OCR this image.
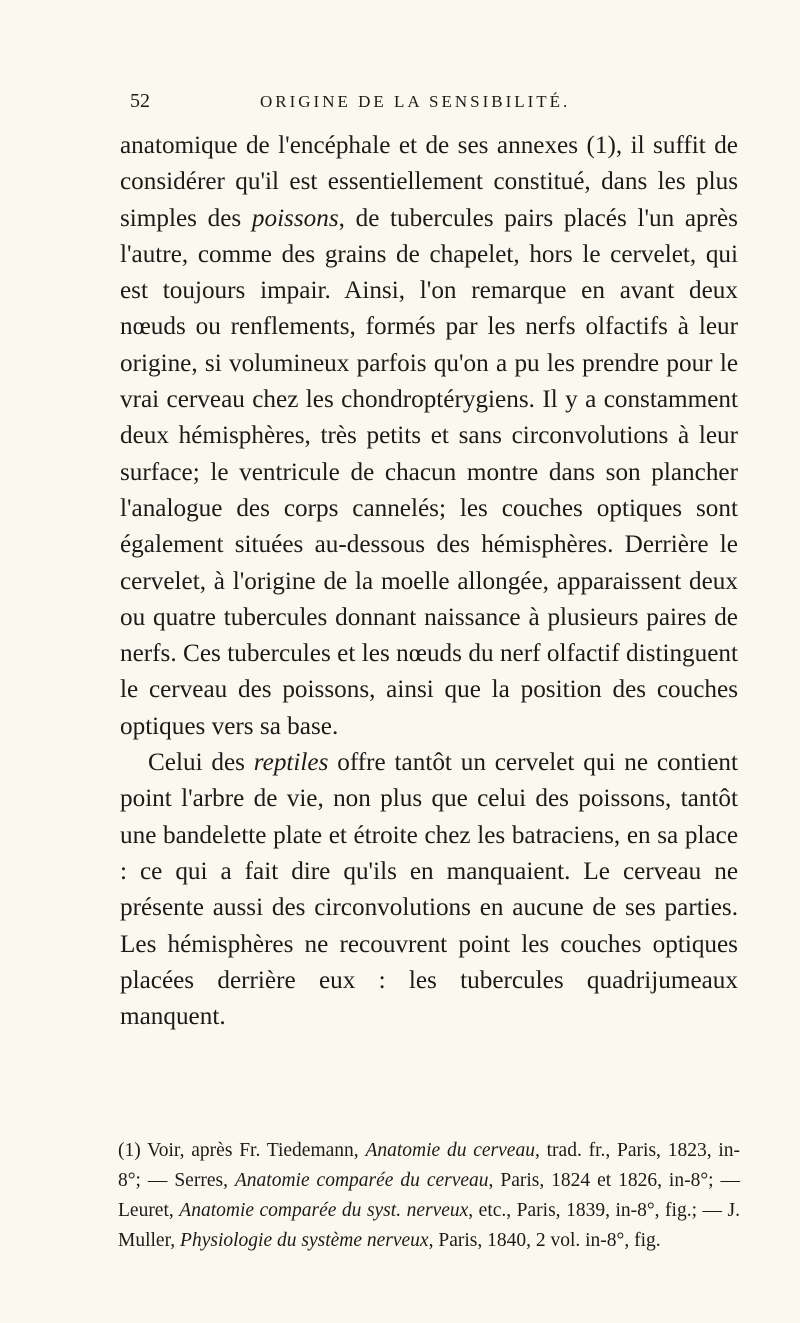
52	ORIGINE DE LA SENSIBILITÉ.

anatomique de l'encéphale et de ses annexes (1), il suffit de considérer qu'il est essentiellement constitué, dans les plus simples des poissons, de tubercules pairs placés l'un après l'autre, comme des grains de chapelet, hors le cervelet, qui est toujours impair. Ainsi, l'on remarque en avant deux nœuds ou renflements, formés par les nerfs olfactifs à leur origine, si volumineux parfois qu'on a pu les prendre pour le vrai cerveau chez les chondroptérygiens. Il y a constamment deux hémisphères, très petits et sans circonvolutions à leur surface; le ventricule de chacun montre dans son plancher l'analogue des corps cannelés; les couches optiques sont également situées au-dessous des hémisphères. Derrière le cervelet, à l'origine de la moelle allongée, apparaissent deux ou quatre tubercules donnant naissance à plusieurs paires de nerfs. Ces tubercules et les nœuds du nerf olfactif distinguent le cerveau des poissons, ainsi que la position des couches optiques vers sa base.

Celui des reptiles offre tantôt un cervelet qui ne contient point l'arbre de vie, non plus que celui des poissons, tantôt une bandelette plate et étroite chez les batraciens, en sa place : ce qui a fait dire qu'ils en manquaient. Le cerveau ne présente aussi des circonvolutions en aucune de ses parties. Les hémisphères ne recouvrent point les couches optiques placées derrière eux : les tubercules quadrijumeaux manquent.

(1) Voir, après Fr. Tiedemann, Anatomie du cerveau, trad. fr., Paris, 1823, in-8°; — Serres, Anatomie comparée du cerveau, Paris, 1824 et 1826, in-8°; — Leuret, Anatomie comparée du syst. nerveux, etc., Paris, 1839, in-8°, fig.; — J. Muller, Physiologie du système nerveux, Paris, 1840, 2 vol. in-8°, fig.
